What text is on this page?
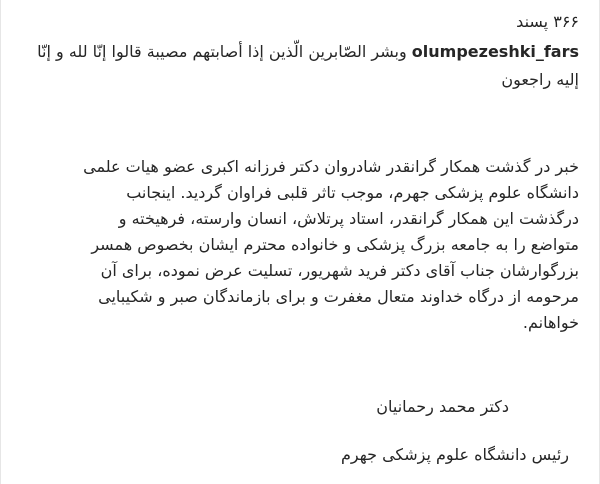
۳۶۶ پسند
olumpezeshki_fars وبشر الصّابرين الّذين إذا أصابتهم مصيبة قالوا إنّا لله و إنّا إليه راجعون
خبر در گذشت همکار گرانقدر شادروان دکتر فرزانه اکبری عضو هیات علمی
دانشگاه علوم پزشکی جهرم، موجب تاثر قلبی فراوان گردید. اینجانب
درگذشت این همکار گرانقدر، استاد پرتلاش، انسان وارسته، فرهیخته و
متواضع را به جامعه بزرگ پزشکی و خانواده محترم ایشان بخصوص همسر
بزرگوارشان جناب آقای دکتر فرید شهریور، تسلیت عرض نموده، برای آن
مرحومه از درگاه خداوند متعال مغفرت و برای بازماندگان صبر و شکیبایی
خواهانم.
دکتر محمد رحمانیان
رئیس دانشگاه علوم پزشکی جهرم
